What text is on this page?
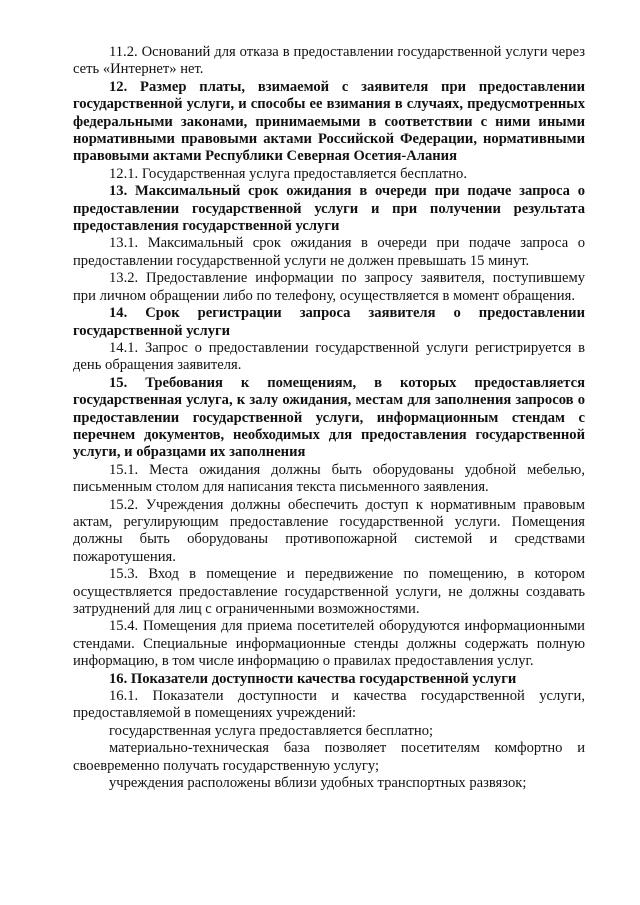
11.2. Оснований для отказа в предоставлении государственной услуги через сеть «Интернет» нет.

12. Размер платы, взимаемой с заявителя при предоставлении государственной услуги, и способы ее взимания в случаях, предусмотренных федеральными законами, принимаемыми в соответствии с ними иными нормативными правовыми актами Российской Федерации, нормативными правовыми актами Республики Северная Осетия-Алания

12.1. Государственная услуга предоставляется бесплатно.

13. Максимальный срок ожидания в очереди при подаче запроса о предоставлении государственной услуги и при получении результата предоставления государственной услуги

13.1. Максимальный срок ожидания в очереди при подаче запроса о предоставлении государственной услуги не должен превышать 15 минут.

13.2. Предоставление информации по запросу заявителя, поступившему при личном обращении либо по телефону, осуществляется в момент обращения.

14. Срок регистрации запроса заявителя о предоставлении государственной услуги

14.1. Запрос о предоставлении государственной услуги регистрируется в день обращения заявителя.

15. Требования к помещениям, в которых предоставляется государственная услуга, к залу ожидания, местам для заполнения запросов о предоставлении государственной услуги, информационным стендам с перечнем документов, необходимых для предоставления государственной услуги, и образцами их заполнения

15.1. Места ожидания должны быть оборудованы удобной мебелью, письменным столом для написания текста письменного заявления.

15.2. Учреждения должны обеспечить доступ к нормативным правовым актам, регулирующим предоставление государственной услуги. Помещения должны быть оборудованы противопожарной системой и средствами пожаротушения.

15.3. Вход в помещение и передвижение по помещению, в котором осуществляется предоставление государственной услуги, не должны создавать затруднений для лиц с ограниченными возможностями.

15.4. Помещения для приема посетителей оборудуются информационными стендами. Специальные информационные стенды должны содержать полную информацию, в том числе информацию о правилах предоставления услуг.

16. Показатели доступности качества государственной услуги

16.1. Показатели доступности и качества государственной услуги, предоставляемой в помещениях учреждений:

государственная услуга предоставляется бесплатно;

материально-техническая база позволяет посетителям комфортно и своевременно получать государственную услугу;

учреждения расположены вблизи удобных транспортных развязок;
